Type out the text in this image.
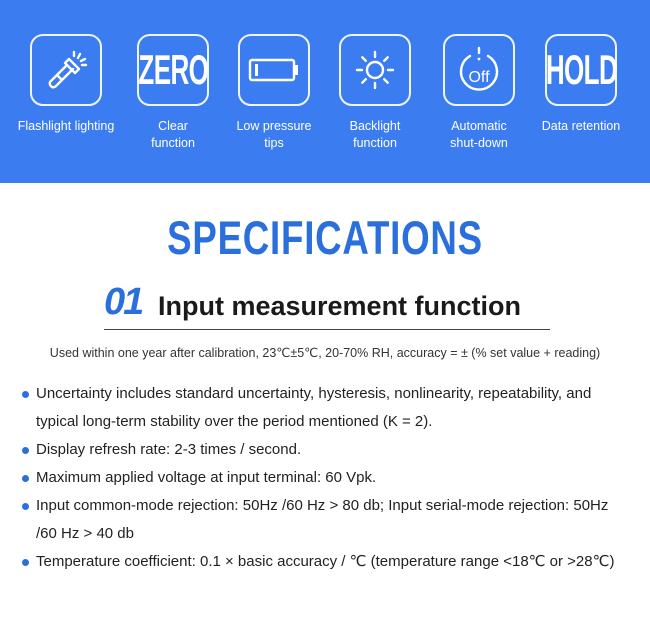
Flashlight lighting
ZERO
Clear
function
Low pressure
tips
Backlight
function
Off
Automatic
shut-down
HOLD
Data retention
SPECIFICATIONS
01 Input measurement function
Used within one year after calibration, 23℃±5℃, 20-70% RH, accuracy = ± (% set value + reading)
Uncertainty includes standard uncertainty, hysteresis, nonlinearity, repeatability, and typical long-term stability over the period mentioned (K = 2).
Display refresh rate: 2-3 times / second.
Maximum applied voltage at input terminal: 60 Vpk.
Input common-mode rejection: 50Hz /60 Hz > 80 db; Input serial-mode rejection: 50Hz /60 Hz > 40 db
Temperature coefficient: 0.1 × basic accuracy / ℃ (temperature range <18℃ or >28℃)
